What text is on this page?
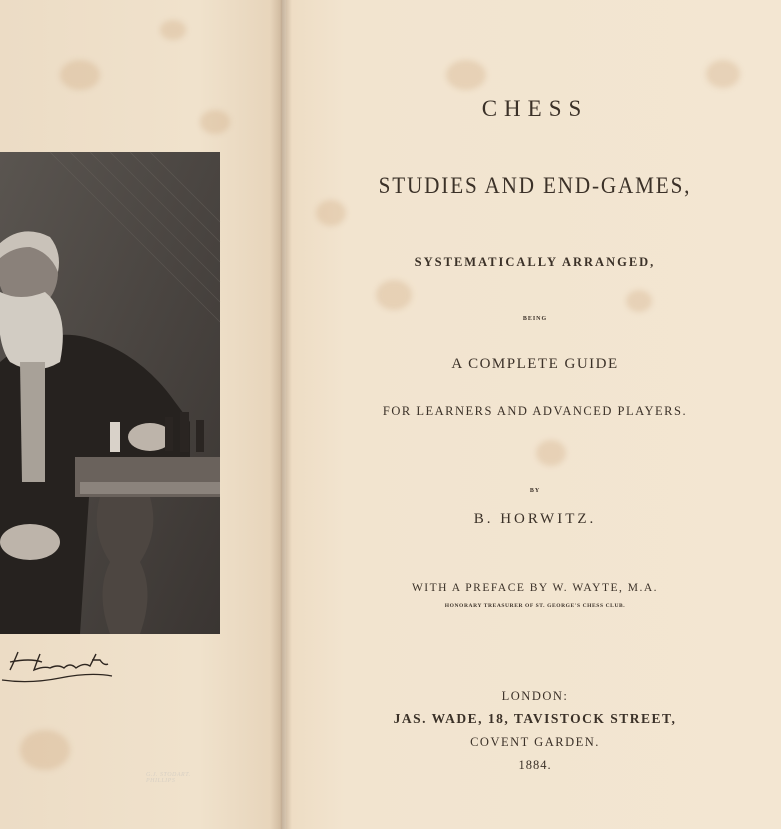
G.J. STODART. PHILLIPS
CHESS
STUDIES AND END-GAMES,
SYSTEMATICALLY ARRANGED,
BEING
A COMPLETE GUIDE
FOR LEARNERS AND ADVANCED PLAYERS.
BY
B. HORWITZ.
WITH A PREFACE BY W. WAYTE, M.A.
HONORARY TREASURER OF ST. GEORGE'S CHESS CLUB.
LONDON:
JAS. WADE, 18, TAVISTOCK STREET,
COVENT GARDEN.
1884.
